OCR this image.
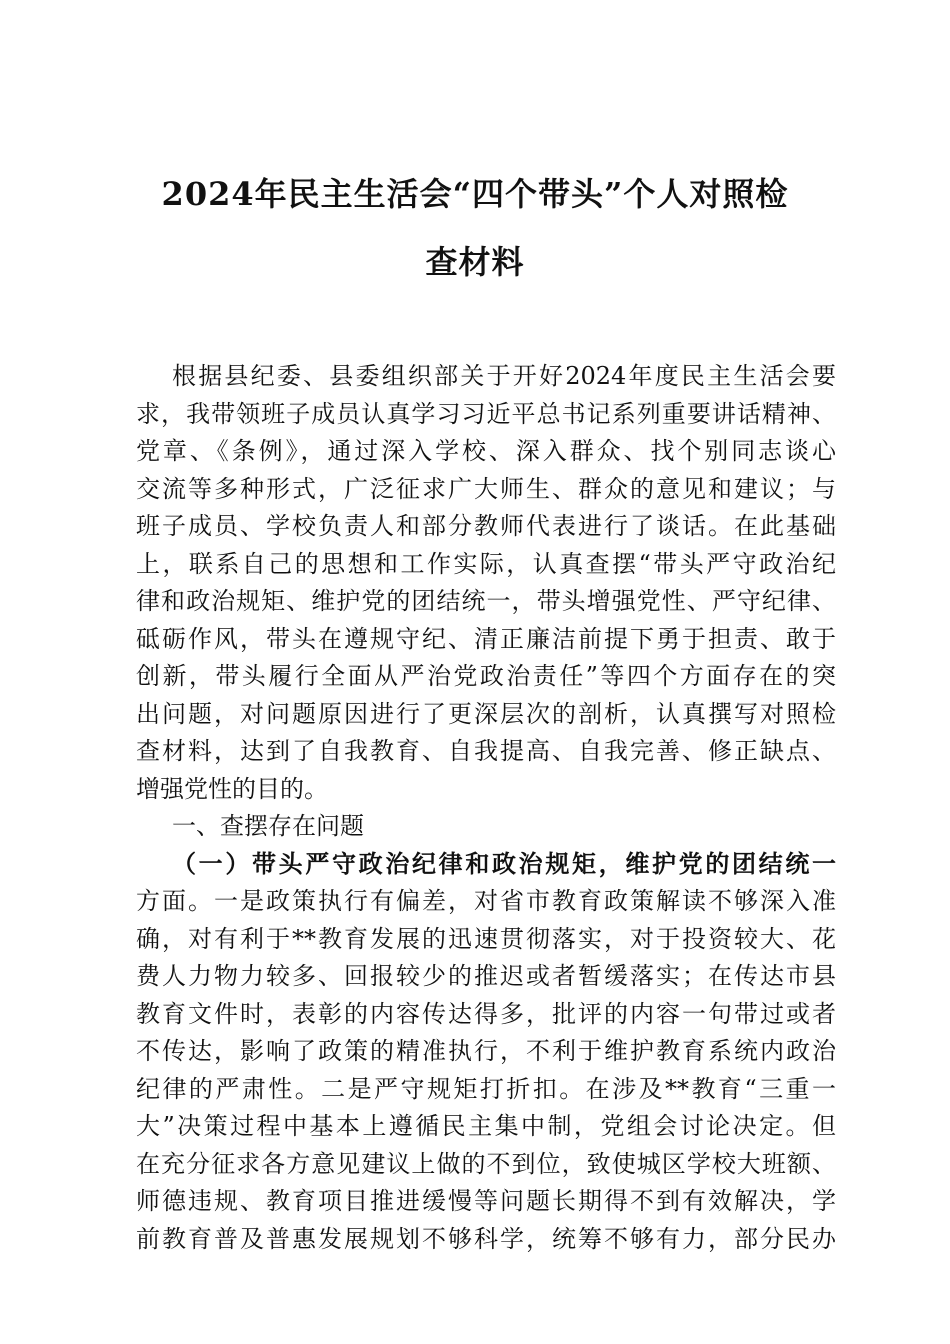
2024年民主生活会“四个带头”个人对照检
查材料
根据县纪委、县委组织部关于开好2024年度民主生活会要
求，我带领班子成员认真学习习近平总书记系列重要讲话精神、
党章、《条例》，通过深入学校、深入群众、找个别同志谈心
交流等多种形式，广泛征求广大师生、群众的意见和建议；与
班子成员、学校负责人和部分教师代表进行了谈话。在此基础
上，联系自己的思想和工作实际，认真查摆“带头严守政治纪
律和政治规矩、维护党的团结统一，带头增强党性、严守纪律、
砥砺作风，带头在遵规守纪、清正廉洁前提下勇于担责、敢于
创新，带头履行全面从严治党政治责任”等四个方面存在的突
出问题，对问题原因进行了更深层次的剖析，认真撰写对照检
查材料，达到了自我教育、自我提高、自我完善、修正缺点、
增强党性的目的。
一、查摆存在问题
（一）带头严守政治纪律和政治规矩，维护党的团结统一
方面。一是政策执行有偏差，对省市教育政策解读不够深入准
确，对有利于**教育发展的迅速贯彻落实，对于投资较大、花
费人力物力较多、回报较少的推迟或者暂缓落实；在传达市县
教育文件时，表彰的内容传达得多，批评的内容一句带过或者
不传达，影响了政策的精准执行，不利于维护教育系统内政治
纪律的严肃性。二是严守规矩打折扣。在涉及**教育“三重一
大”决策过程中基本上遵循民主集中制，党组会讨论决定。但
在充分征求各方意见建议上做的不到位，致使城区学校大班额、
师德违规、教育项目推进缓慢等问题长期得不到有效解决，学
前教育普及普惠发展规划不够科学，统筹不够有力，部分民办
